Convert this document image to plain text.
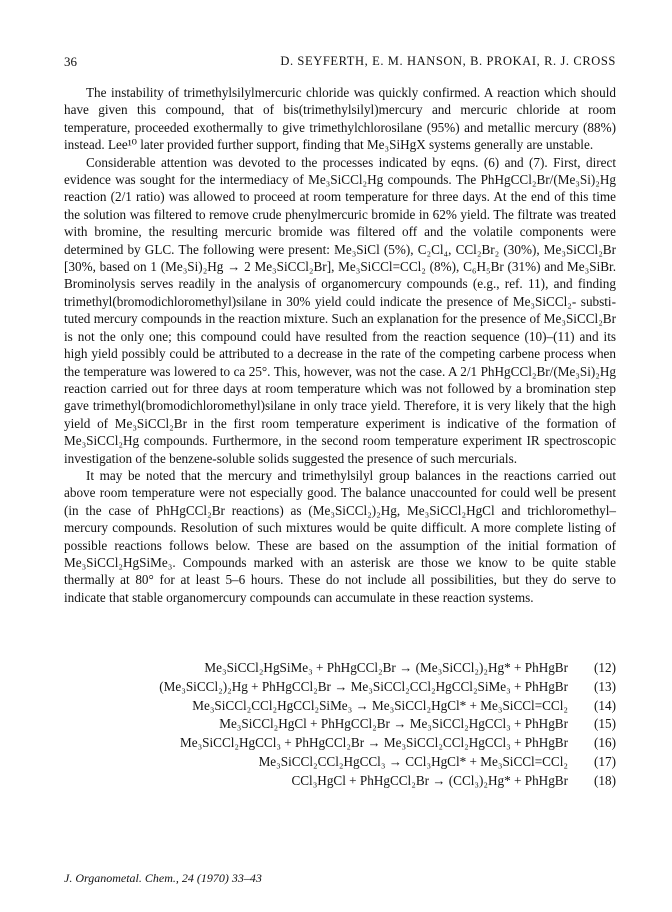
36	D. SEYFERTH, E. M. HANSON, B. PROKAI, R. J. CROSS

The instability of trimethylsilylmercuric chloride was quickly confirmed. A reaction which should have given this compound, that of bis(trimethylsilyl)mercury and mercuric chloride at room temperature, proceeded exothermally to give trimethylchlorosilane (95%) and metallic mercury (88%) instead. Lee¹⁰ later provided further support, finding that Me₃SiHgX systems generally are unstable.

Considerable attention was devoted to the processes indicated by eqns. (6) and (7). First, direct evidence was sought for the intermediacy of Me₃SiCCl₂Hg compounds. The PhHgCCl₂Br/(Me₃Si)₂Hg reaction (2/1 ratio) was allowed to proceed at room temperature for three days. At the end of this time the solution was filtered to remove crude phenylmercuric bromide in 62% yield. The filtrate was treated with bromine, the resulting mercuric bromide was filtered off and the volatile components were determined by GLC. The following were present: Me₃SiCl (5%), C₂Cl₄, CCl₂Br₂ (30%), Me₃SiCCl₂Br [30%, based on 1 (Me₃Si)₂Hg → 2 Me₃SiCCl₂Br], Me₃SiCCl=CCl₂ (8%), C₆H₅Br (31%) and Me₃SiBr. Brominolysis serves readily in the analysis of organomercury compounds (e.g., ref. 11), and finding trimethyl(bromodichloromethyl)silane in 30% yield could indicate the presence of Me₃SiCCl₂- substituted mercury compounds in the reaction mixture. Such an explanation for the presence of Me₃SiCCl₂Br is not the only one; this compound could have resulted from the reaction sequence (10)–(11) and its high yield possibly could be attributed to a decrease in the rate of the competing carbene process when the temperature was lowered to ca 25°. This, however, was not the case. A 2/1 PhHgCCl₂Br/(Me₃Si)₂Hg reaction carried out for three days at room temperature which was not followed by a bromination step gave trimethyl(bromodichloromethyl)silane in only trace yield. Therefore, it is very likely that the high yield of Me₃SiCCl₂Br in the first room temperature experiment is indicative of the formation of Me₃SiCCl₂Hg compounds. Furthermore, in the second room temperature experiment IR spectroscopic investigation of the benzene-soluble solids suggested the presence of such mercurials.

It may be noted that the mercury and trimethylsilyl group balances in the reactions carried out above room temperature were not especially good. The balance unaccounted for could well be present (in the case of PhHgCCl₂Br reactions) as (Me₃SiCCl₂)₂Hg, Me₃SiCCl₂HgCl and trichloromethyl–mercury compounds. Resolution of such mixtures would be quite difficult. A more complete listing of possible reactions follows below. These are based on the assumption of the initial formation of Me₃SiCCl₂HgSiMe₃. Compounds marked with an asterisk are those we know to be quite stable thermally at 80° for at least 5–6 hours. These do not include all possibilities, but they do serve to indicate that stable organomercury compounds can accumulate in these reaction systems.

Me₃SiCCl₂HgSiMe₃ + PhHgCCl₂Br → (Me₃SiCCl₂)₂Hg* + PhHgBr (12)
(Me₃SiCCl₂)₂Hg + PhHgCCl₂Br → Me₃SiCCl₂CCl₂HgCCl₂SiMe₃ + PhHgBr (13)
Me₃SiCCl₂CCl₂HgCCl₂SiMe₃ → Me₃SiCCl₂HgCl* + Me₃SiCCl=CCl₂ (14)
Me₃SiCCl₂HgCl + PhHgCCl₂Br → Me₃SiCCl₂HgCCl₃ + PhHgBr (15)
Me₃SiCCl₂HgCCl₃ + PhHgCCl₂Br → Me₃SiCCl₂CCl₂HgCCl₃ + PhHgBr (16)
Me₃SiCCl₂CCl₂HgCCl₃ → CCl₃HgCl* + Me₃SiCCl=CCl₂ (17)
CCl₃HgCl + PhHgCCl₂Br → (CCl₃)₂Hg* + PhHgBr (18)
J. Organometal. Chem., 24 (1970) 33–43
